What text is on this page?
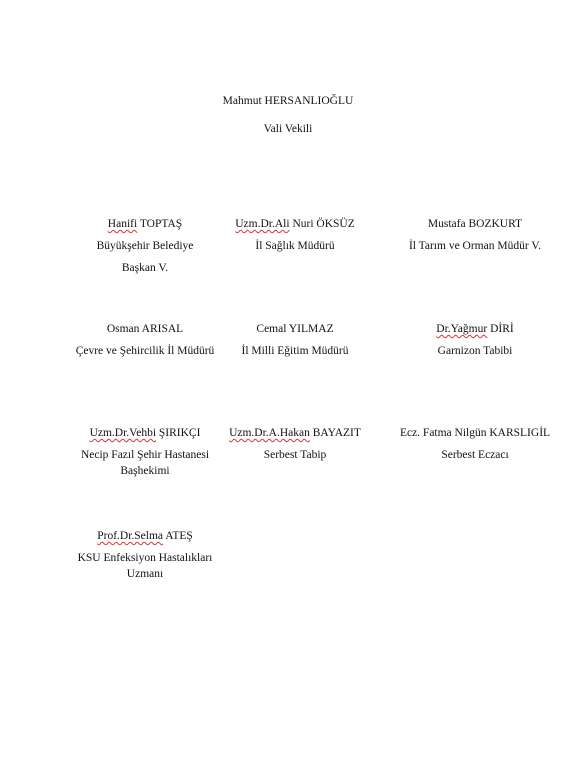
Mahmut HERSANLIOĞLU
Vali Vekili
Hanifi TOPTAŞ
Büyükşehir Belediye
Başkan V.
Uzm.Dr.Ali Nuri ÖKSÜZ
İl Sağlık Müdürü
Mustafa BOZKURT
İl Tarım ve Orman Müdür V.
Osman ARISAL
Çevre ve Şehircilik İl Müdürü
Cemal YILMAZ
İl Milli Eğitim Müdürü
Dr.Yağmur DİRİ
Garnizon Tabibi
Uzm.Dr.Vehbi ŞIRIKÇI
Necip Fazıl Şehir Hastanesi
Başhekimi
Uzm.Dr.A.Hakan BAYAZIT
Serbest Tabip
Ecz. Fatma Nilgün KARSLIGİL
Serbest Eczacı
Prof.Dr.Selma ATEŞ
KSU Enfeksiyon Hastalıkları
Uzmanı
